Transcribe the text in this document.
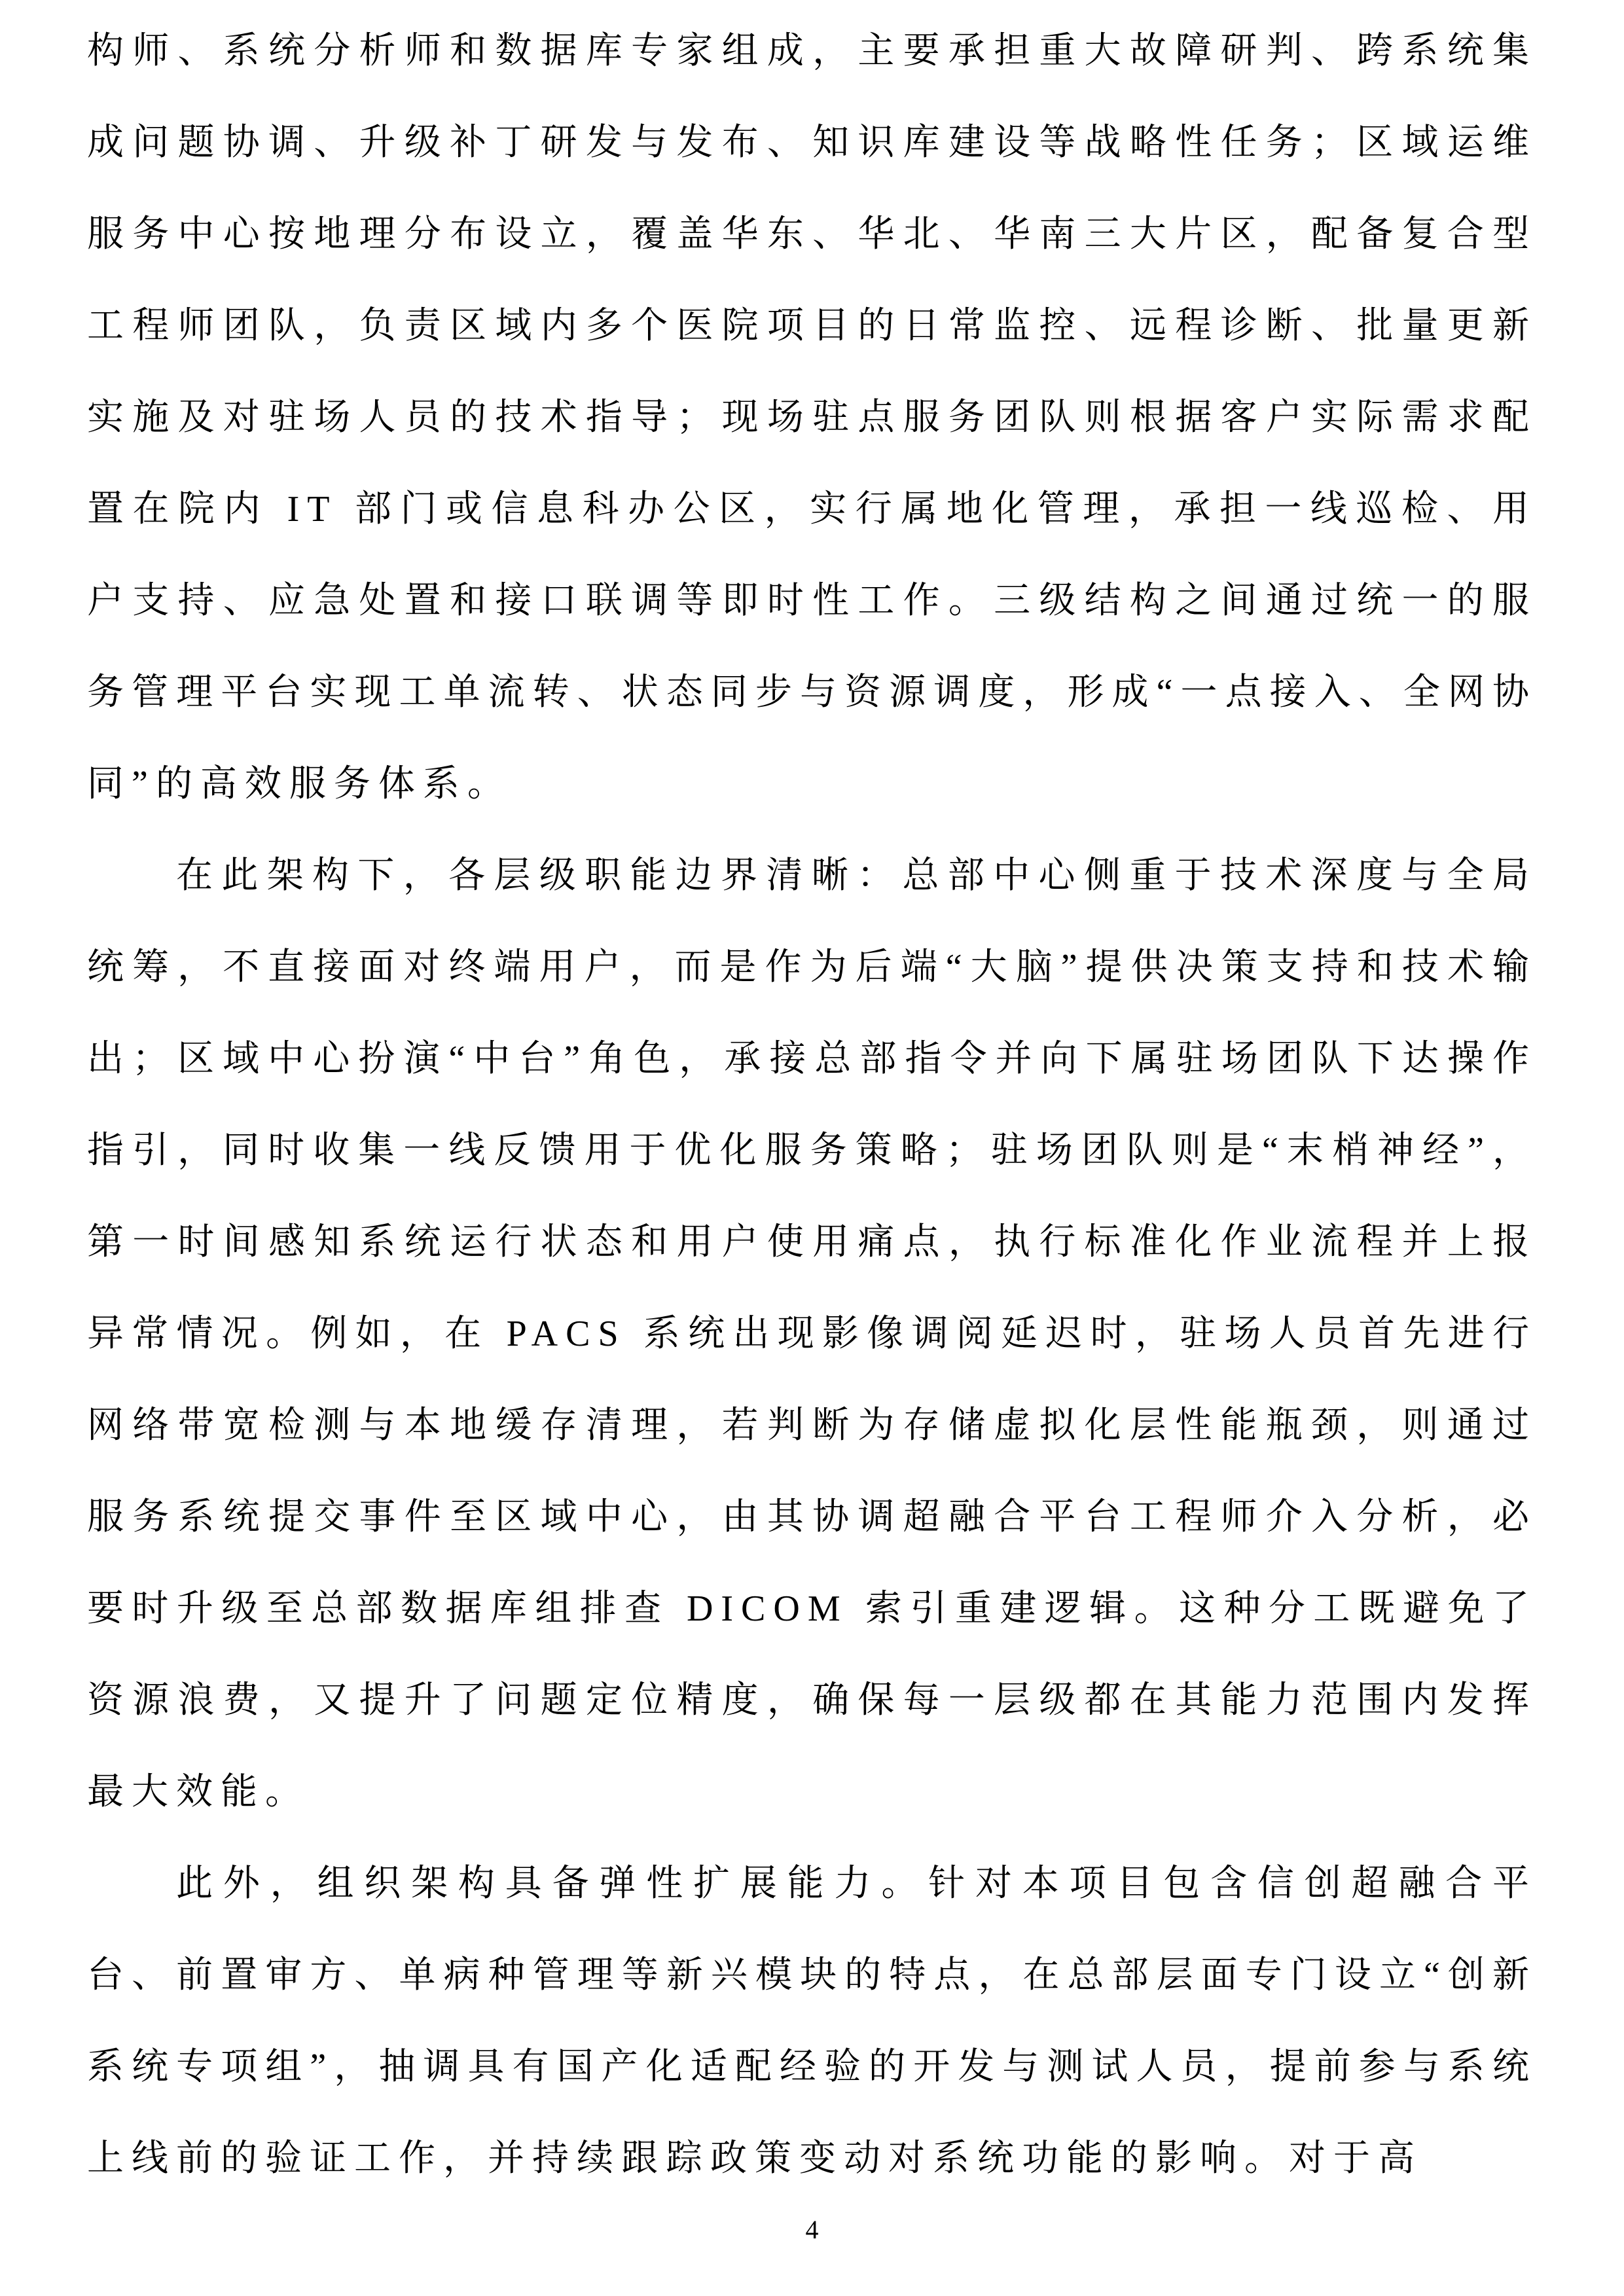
构师、系统分析师和数据库专家组成，主要承担重大故障研判、跨系统集成问题协调、升级补丁研发与发布、知识库建设等战略性任务；区域运维服务中心按地理分布设立，覆盖华东、华北、华南三大片区，配备复合型工程师团队，负责区域内多个医院项目的日常监控、远程诊断、批量更新实施及对驻场人员的技术指导；现场驻点服务团队则根据客户实际需求配置在院内 IT 部门或信息科办公区，实行属地化管理，承担一线巡检、用户支持、应急处置和接口联调等即时性工作。三级结构之间通过统一的服务管理平台实现工单流转、状态同步与资源调度，形成“一点接入、全网协同”的高效服务体系。

在此架构下，各层级职能边界清晰：总部中心侧重于技术深度与全局统筹，不直接面对终端用户，而是作为后端“大脑”提供决策支持和技术输出；区域中心扮演“中台”角色，承接总部指令并向下属驻场团队下达操作指引，同时收集一线反馈用于优化服务策略；驻场团队则是“末梢神经”，第一时间感知系统运行状态和用户使用痛点，执行标准化作业流程并上报异常情况。例如，在 PACS 系统出现影像调阅延迟时，驻场人员首先进行网络带宽检测与本地缓存清理，若判断为存储虚拟化层性能瓶颈，则通过服务系统提交事件至区域中心，由其协调超融合平台工程师介入分析，必要时升级至总部数据库组排查 DICOM 索引重建逻辑。这种分工既避免了资源浪费，又提升了问题定位精度，确保每一层级都在其能力范围内发挥最大效能。

此外，组织架构具备弹性扩展能力。针对本项目包含信创超融合平台、前置审方、单病种管理等新兴模块的特点，在总部层面专门设立“创新系统专项组”，抽调具有国产化适配经验的开发与测试人员，提前参与系统上线前的验证工作，并持续跟踪政策变动对系统功能的影响。对于高

4
